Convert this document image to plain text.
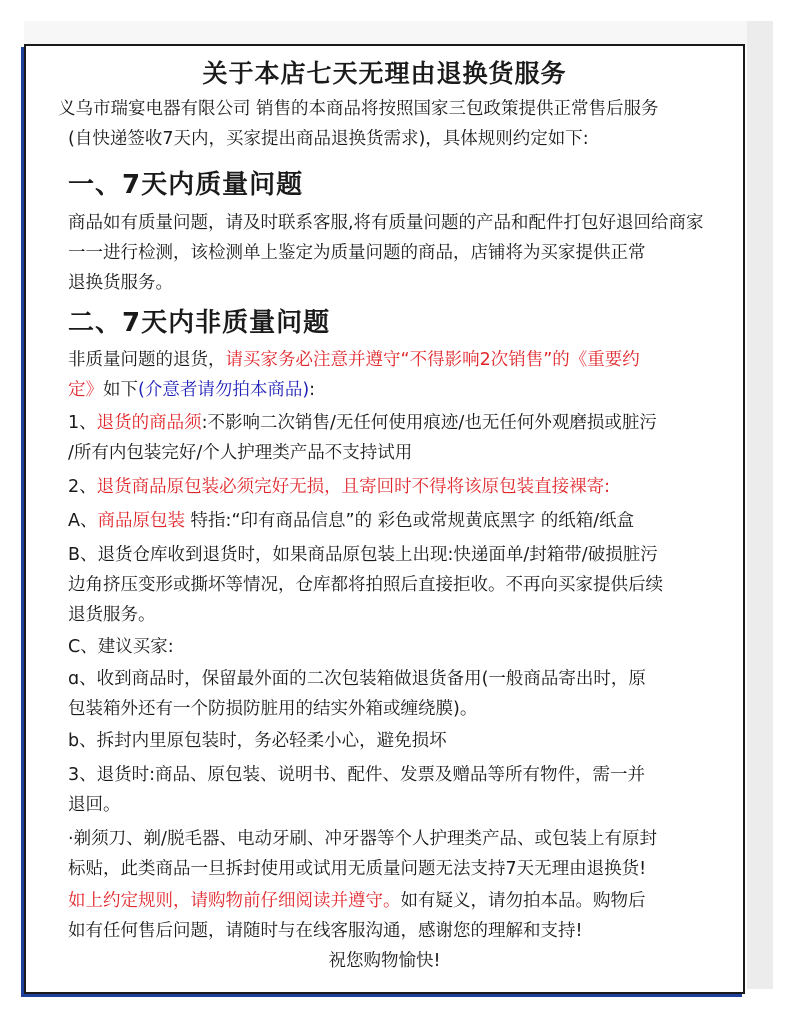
关于本店七天无理由退换货服务
义乌市瑞宴电器有限公司 销售的本商品将按照国家三包政策提供正常售后服务
(自快递签收7天内，买家提出商品退换货需求)，具体规则约定如下:
一、7天内质量问题
商品如有质量问题，请及时联系客服,将有质量问题的产品和配件打包好退回给商家
一一进行检测，该检测单上鉴定为质量问题的商品，店铺将为买家提供正常
退换货服务。
二、7天内非质量问题
非质量问题的退货，请买家务必注意并遵守“不得影响2次销售”的《重要约
定》如下(介意者请勿拍本商品):
1、退货的商品须:不影响二次销售/无任何使用痕迹/也无任何外观磨损或脏污
/所有内包装完好/个人护理类产品不支持试用
2、退货商品原包装必须完好无损，且寄回时不得将该原包装直接裸寄:
A、商品原包装 特指:“印有商品信息”的 彩色或常规黄底黑字 的纸箱/纸盒
B、退货仓库收到退货时，如果商品原包装上出现:快递面单/封箱带/破损脏污
边角挤压变形或撕坏等情况，仓库都将拍照后直接拒收。不再向买家提供后续
退货服务。
C、建议买家:
ɑ、收到商品时，保留最外面的二次包装箱做退货备用(一般商品寄出时，原
包装箱外还有一个防损防脏用的结实外箱或缠绕膜)。
b、拆封内里原包装时，务必轻柔小心，避免损坏
3、退货时:商品、原包装、说明书、配件、发票及赠品等所有物件，需一并
退回。
·剃须刀、剃/脱毛器、电动牙刷、冲牙器等个人护理类产品、或包装上有原封
标贴，此类商品一旦拆封使用或试用无质量问题无法支持7天无理由退换货!
如上约定规则，请购物前仔细阅读并遵守。如有疑义，请勿拍本品。购物后
如有任何售后问题，请随时与在线客服沟通，感谢您的理解和支持!
祝您购物愉快!
